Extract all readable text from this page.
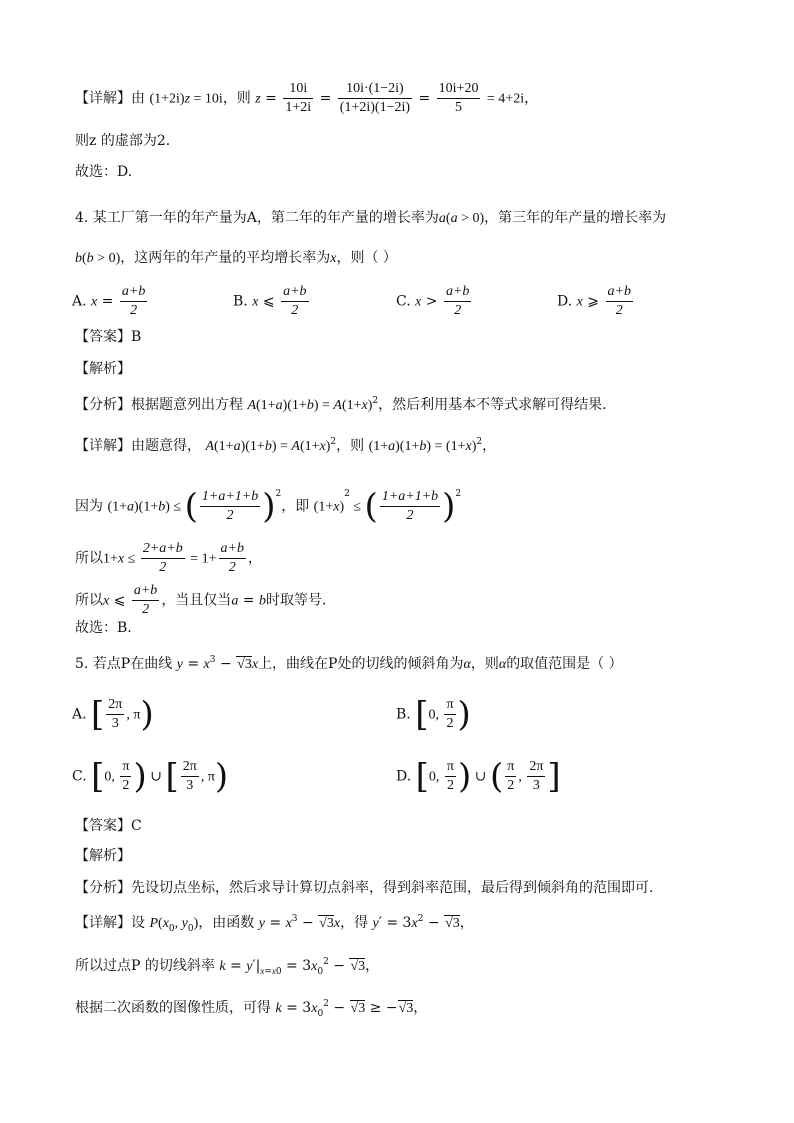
【详解】由 (1+2i)z = 10i，则 $z = \frac{10i}{1+2i} = \frac{10i\cdot(1-2i)}{(1+2i)(1-2i)} = \frac{10i+20}{5} = 4+2i$，
则z 的虚部为2．
故选：D.
4. 某工厂第一年的年产量为A，第二年的年产量的增长率为a(a > 0)，第三年的年产量的增长率为
b(b > 0)，这两年的年产量的平均增长率为x，则（ ）
A. $x = \frac{a+b}{2}$	B. x ⩽ $\frac{a+b}{2}$	C. $x > \frac{a+b}{2}$	D. x ⩾ $\frac{a+b}{2}$
【答案】B
【解析】
【分析】根据题意列出方程 $A(1+a)(1+b) = A(1+x)^2$，然后利用基本不等式求解可得结果.
【详解】由题意得， $A(1+a)(1+b) = A(1+x)^2$，则 $(1+a)(1+b) = (1+x)^2$，
因为 (1+a)(1+b) ≤ ( $\frac{1+a+1+b}{2} )^2$，即 $(1+x)^2$ ≤ ( $\frac{1+a+1+b}{2} )^2$
所以$1+x \le \frac{2+a+b}{2} = 1+ \frac{a+b}{2}$ ，
所以x ⩽ $\frac{a+b}{2}$ ，当且仅当a = b时取等号.
故选：B.
5. 若点P在曲线 $y = x^3 - √3x$上，曲线在P处的切线的倾斜角为α，则α的取值范围是（ ）
A. [ $\frac{2\pi}{3}$ , π)	B. [0, $\frac{\pi}{2}$ )
C. [0, $\frac{\pi}{2}$ ) ∪ [ $\frac{2\pi}{3}$ , π)	D. [0, $\frac{\pi}{2}$ ) ∪ ( $\frac{\pi}{2}$ , $\frac{2\pi}{3}$ ]
【答案】C
【解析】
【分析】先设切点坐标，然后求导计算切点斜率，得到斜率范围，最后得到倾斜角的范围即可.
【详解】设 $P(x_0$, $y_0$)，由函数 $y = x^3 - √3x$，得 $y' = 3x^2 - √3$，
所以过点P 的切线斜率 $k = y'|_{x=x0} = 3x_0^2 - √3$，
根据二次函数的图像性质，可得 $k = 3x_0^2 - √3 \ge -√3$，
